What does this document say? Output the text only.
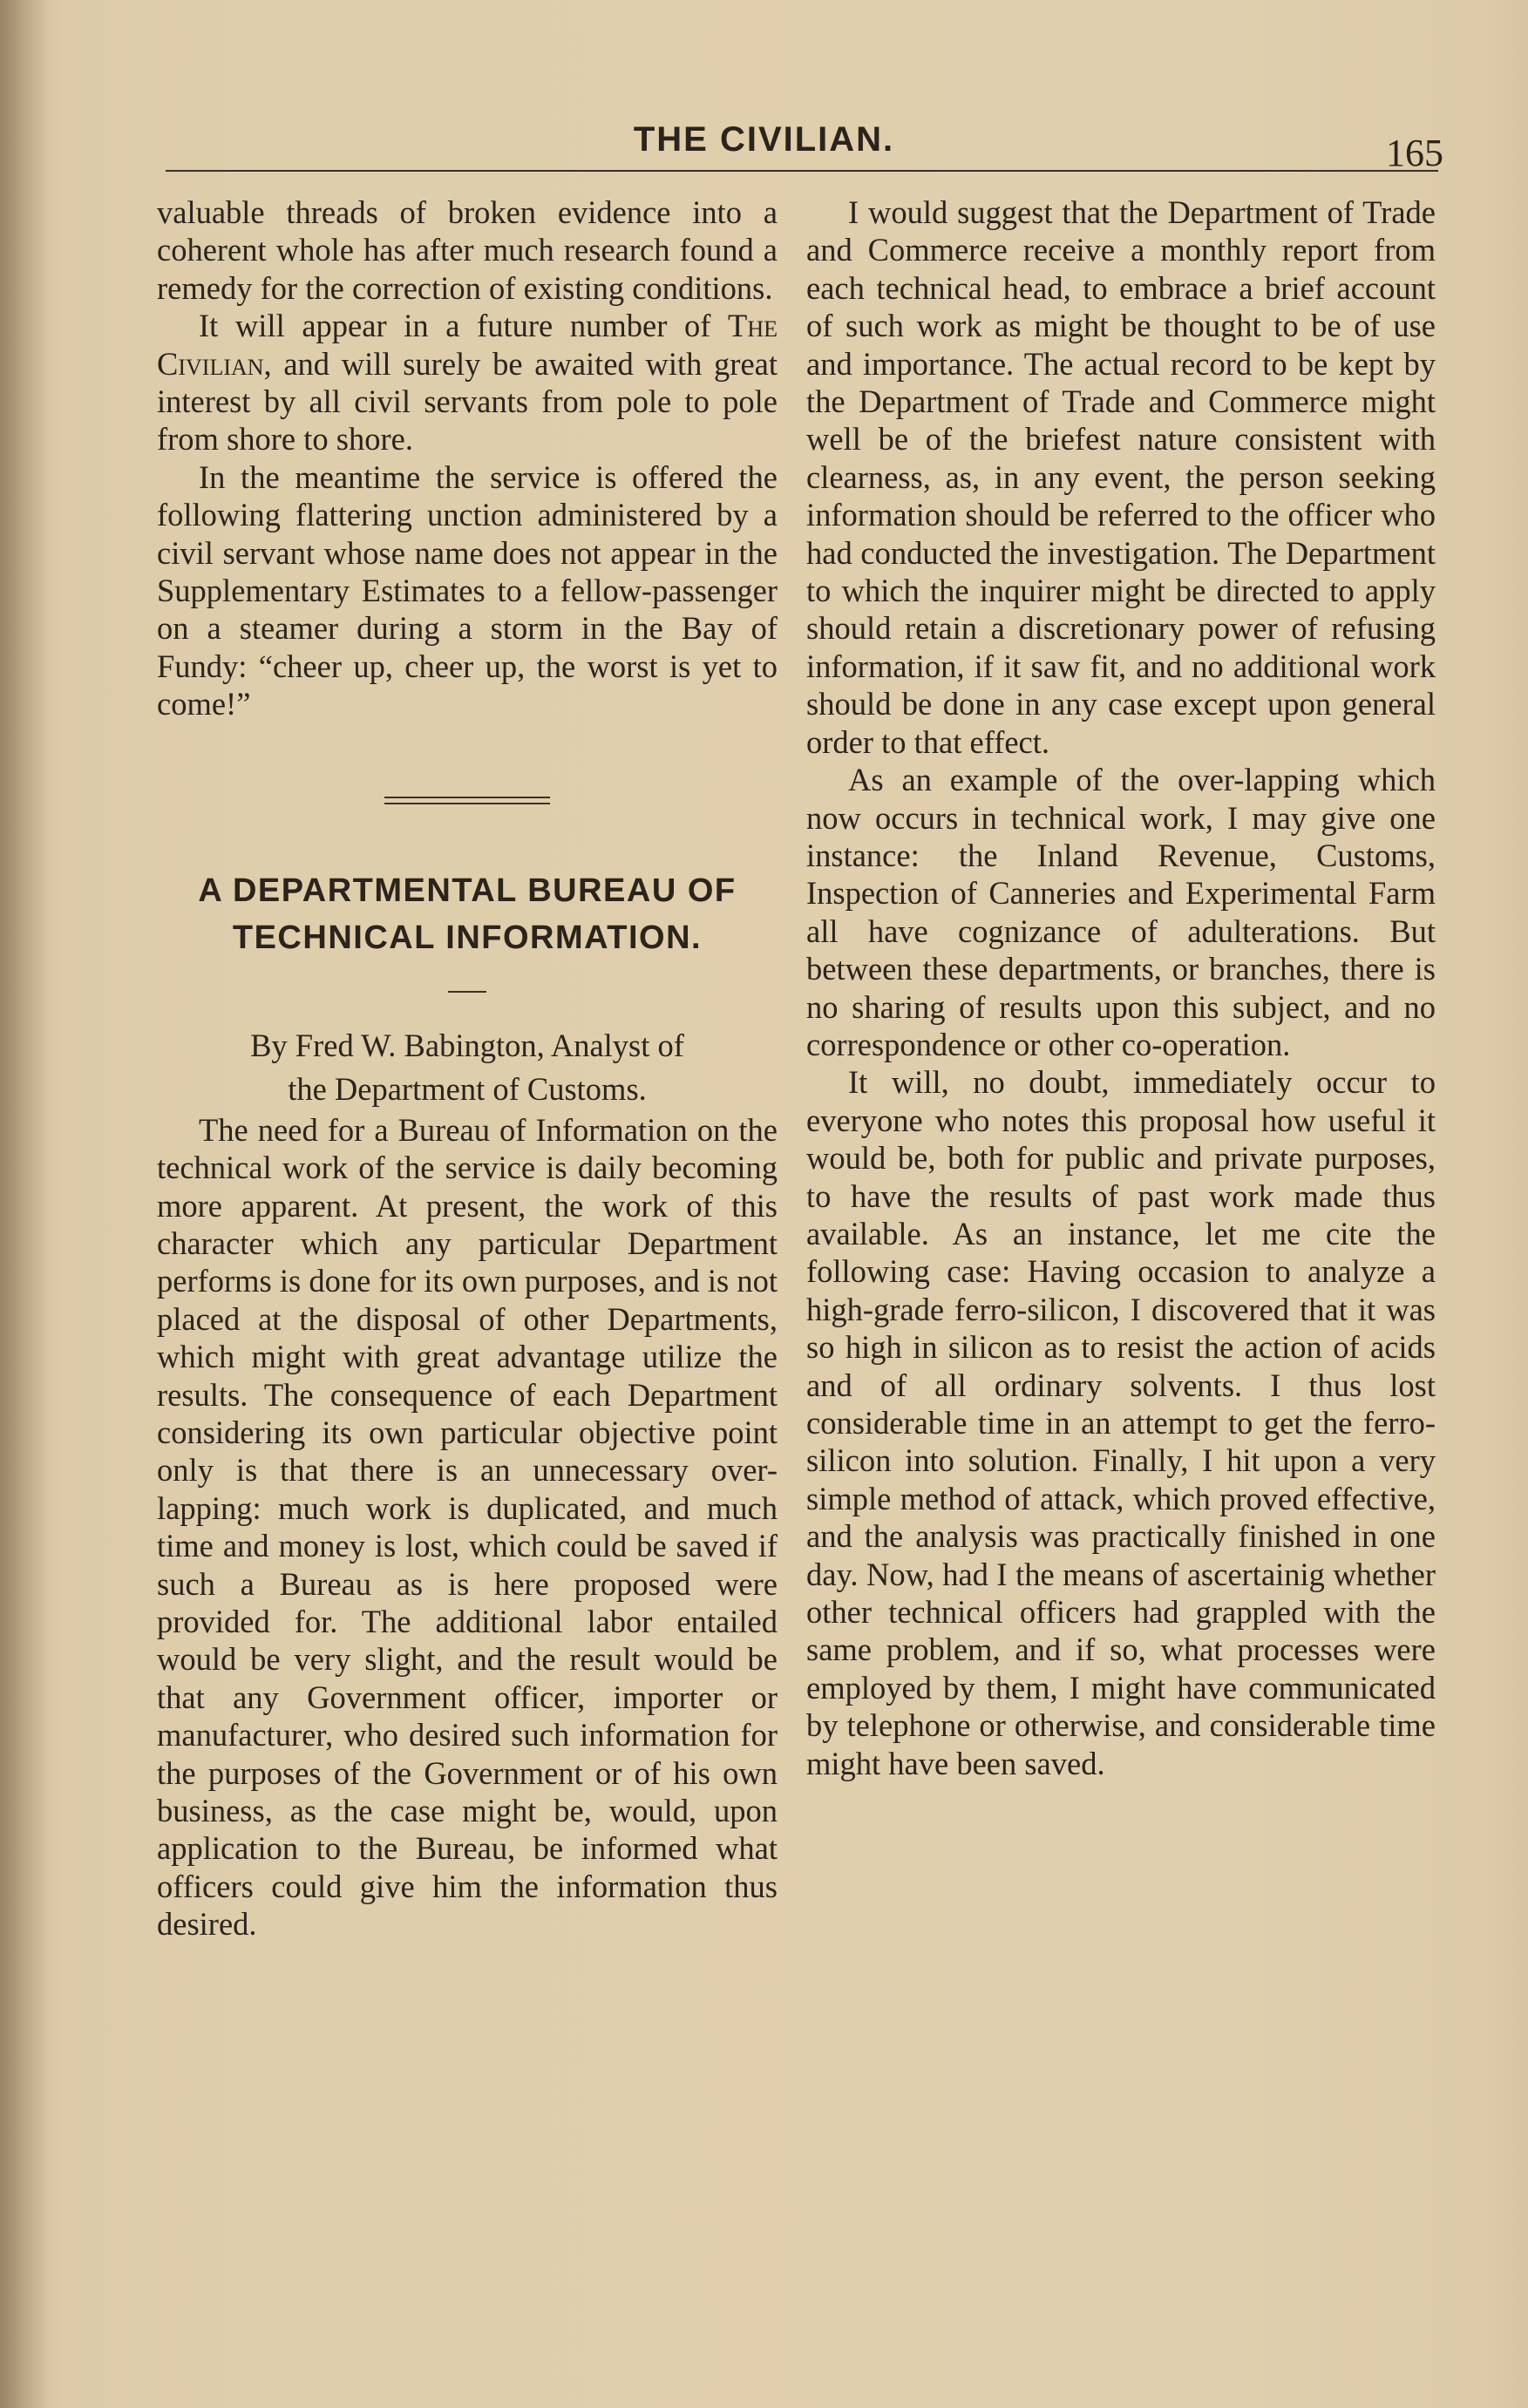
THE CIVILIAN.	165

valuable threads of broken evidence into a coherent whole has after much research found a remedy for the correction of existing conditions.

It will appear in a future number of The Civilian, and will surely be awaited with great interest by all civil servants from pole to pole from shore to shore.

In the meantime the service is offered the following flattering unction administered by a civil servant whose name does not appear in the Supplementary Estimates to a fellow-passenger on a steamer during a storm in the Bay of Fundy: “cheer up, cheer up, the worst is yet to come!”

A DEPARTMENTAL BUREAU OF
TECHNICAL INFORMATION.

By Fred W. Babington, Analyst of
the Department of Customs.

The need for a Bureau of Information on the technical work of the service is daily becoming more apparent. At present, the work of this character which any particular Department performs is done for its own purposes, and is not placed at the disposal of other Departments, which might with great advantage utilize the results. The consequence of each Department considering its own particular objective point only is that there is an unnecessary over-lapping: much work is duplicated, and much time and money is lost, which could be saved if such a Bureau as is here proposed were provided for. The additional labor entailed would be very slight, and the result would be that any Government officer, importer or manufacturer, who desired such information for the purposes of the Government or of his own business, as the case might be, would, upon application to the Bureau, be informed what officers could give him the information thus desired.

I would suggest that the Department of Trade and Commerce receive a monthly report from each technical head, to embrace a brief account of such work as might be thought to be of use and importance. The actual record to be kept by the Department of Trade and Commerce might well be of the briefest nature consistent with clearness, as, in any event, the person seeking information should be referred to the officer who had conducted the investigation. The Department to which the inquirer might be directed to apply should retain a discretionary power of refusing information, if it saw fit, and no additional work should be done in any case except upon general order to that effect.

As an example of the over-lapping which now occurs in technical work, I may give one instance: the Inland Revenue, Customs, Inspection of Canneries and Experimental Farm all have cognizance of adulterations. But between these departments, or branches, there is no sharing of results upon this subject, and no correspondence or other co-operation.

It will, no doubt, immediately occur to everyone who notes this proposal how useful it would be, both for public and private purposes, to have the results of past work made thus available. As an instance, let me cite the following case: Having occasion to analyze a high-grade ferro-silicon, I discovered that it was so high in silicon as to resist the action of acids and of all ordinary solvents. I thus lost considerable time in an attempt to get the ferro-silicon into solution. Finally, I hit upon a very simple method of attack, which proved effective, and the analysis was practically finished in one day. Now, had I the means of ascertainig whether other technical officers had grappled with the same problem, and if so, what processes were employed by them, I might have communicated by telephone or otherwise, and considerable time might have been saved.
